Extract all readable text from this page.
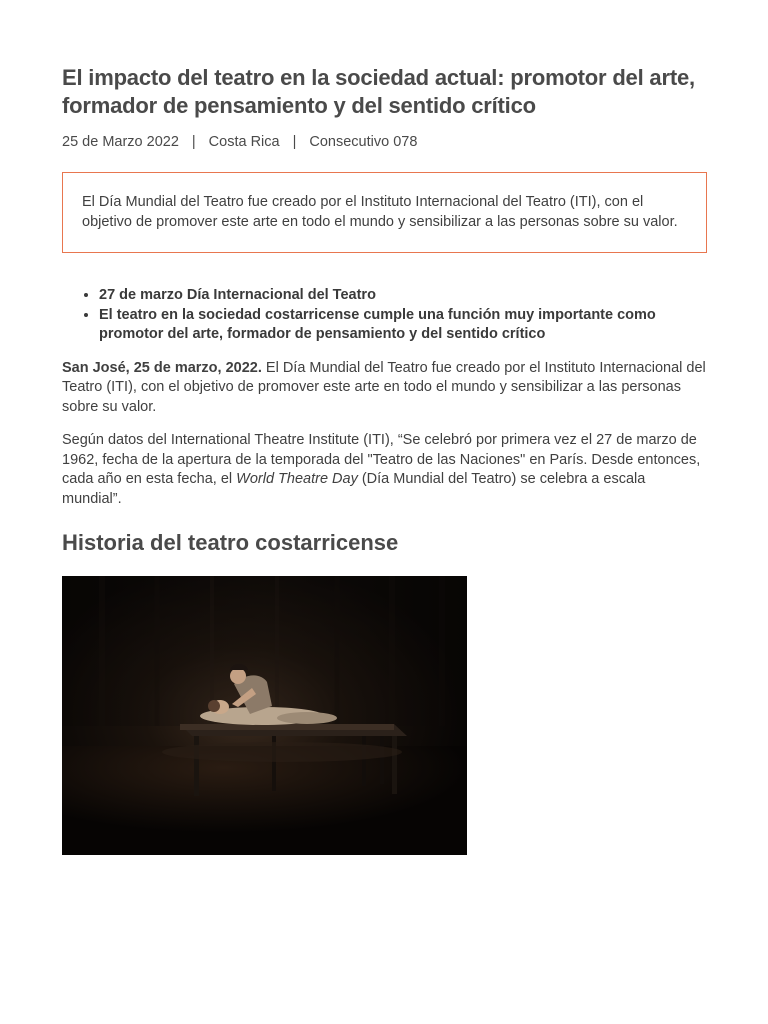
El impacto del teatro en la sociedad actual: promotor del arte, formador de pensamiento y del sentido crítico
25 de Marzo 2022 | Costa Rica | Consecutivo 078
El Día Mundial del Teatro fue creado por el Instituto Internacional del Teatro (ITI), con el objetivo de promover este arte en todo el mundo y sensibilizar a las personas sobre su valor.
• 27 de marzo Día Internacional del Teatro
• El teatro en la sociedad costarricense cumple una función muy importante como promotor del arte, formador de pensamiento y del sentido crítico

San José, 25 de marzo, 2022. El Día Mundial del Teatro fue creado por el Instituto Internacional del Teatro (ITI), con el objetivo de promover este arte en todo el mundo y sensibilizar a las personas sobre su valor.

Según datos del International Theatre Institute (ITI), “Se celebró por primera vez el 27 de marzo de 1962, fecha de la apertura de la temporada del "Teatro de las Naciones" en París. Desde entonces, cada año en esta fecha, el World Theatre Day (Día Mundial del Teatro) se celebra a escala mundial”.

Historia del teatro costarricense
